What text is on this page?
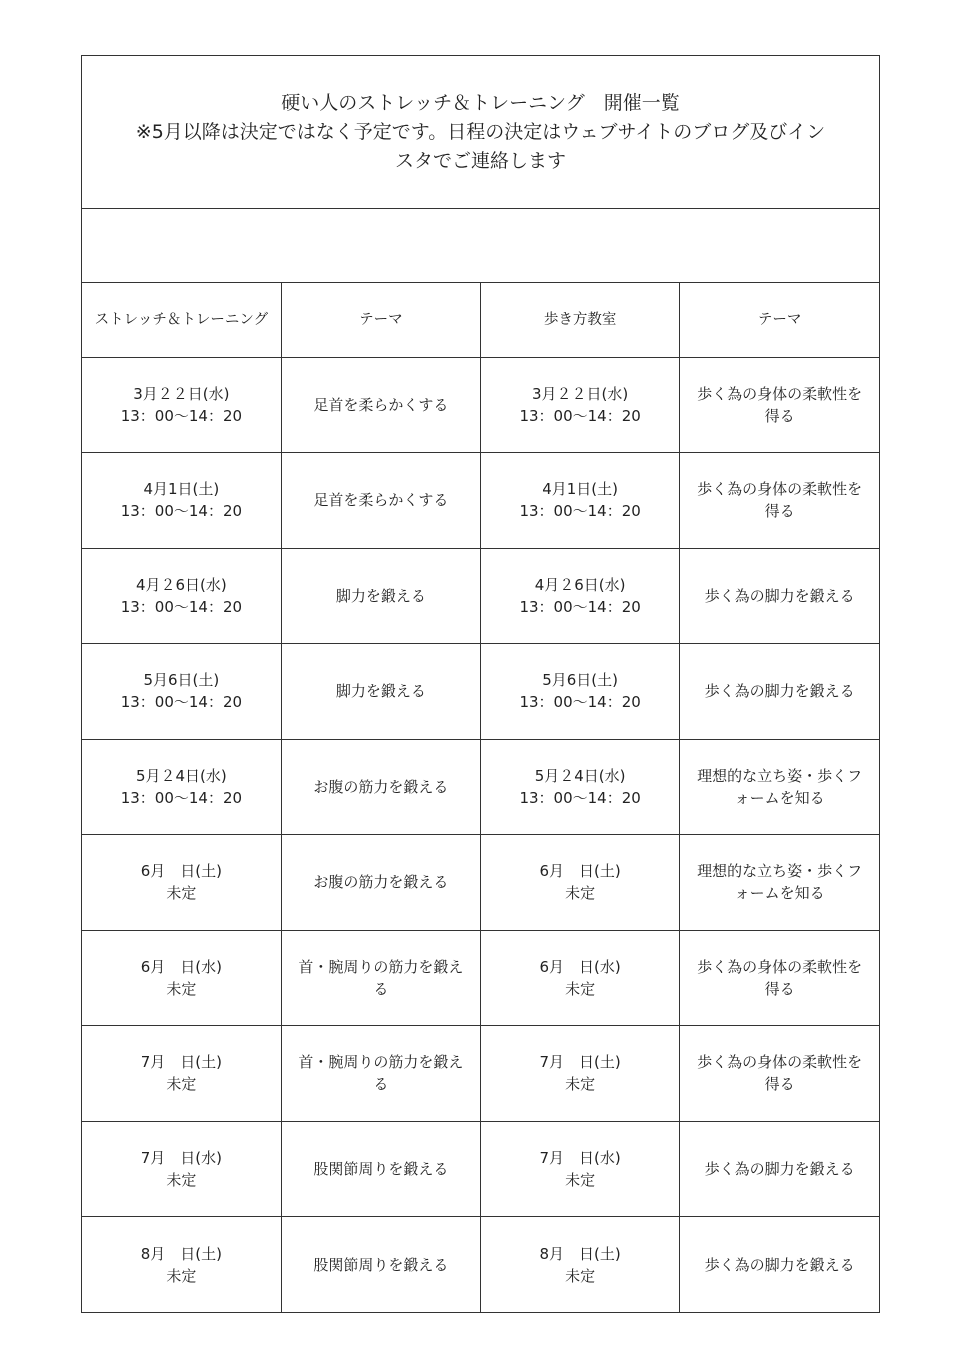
硬い人のストレッチ＆トレーニング　開催一覧
※5月以降は決定ではなく予定です。日程の決定はウェブサイトのブログ及びイン
スタでご連絡します
ストレッチ＆トレーニング	テーマ	歩き方教室	テーマ

3月２２日(水)
13：00〜14：20	足首を柔らかくする	3月２２日(水)
13：00〜14：20	歩く為の身体の柔軟性を
得る

4月1日(土)
13：00〜14：20	足首を柔らかくする	4月1日(土)
13：00〜14：20	歩く為の身体の柔軟性を
得る

4月２6日(水)
13：00〜14：20	脚力を鍛える	4月２6日(水)
13：00〜14：20	歩く為の脚力を鍛える

5月6日(土)
13：00〜14：20	脚力を鍛える	5月6日(土)
13：00〜14：20	歩く為の脚力を鍛える

5月２4日(水)
13：00〜14：20	お腹の筋力を鍛える	5月２4日(水)
13：00〜14：20	理想的な立ち姿・歩くフ
ォームを知る

6月　日(土)
未定	お腹の筋力を鍛える	6月　日(土)
未定	理想的な立ち姿・歩くフ
ォームを知る

6月　日(水)
未定	首・腕周りの筋力を鍛え
る	6月　日(水)
未定	歩く為の身体の柔軟性を
得る

7月　日(土)
未定	首・腕周りの筋力を鍛え
る	7月　日(土)
未定	歩く為の身体の柔軟性を
得る

7月　日(水)
未定	股関節周りを鍛える	7月　日(水)
未定	歩く為の脚力を鍛える

8月　日(土)
未定	股関節周りを鍛える	8月　日(土)
未定	歩く為の脚力を鍛える
